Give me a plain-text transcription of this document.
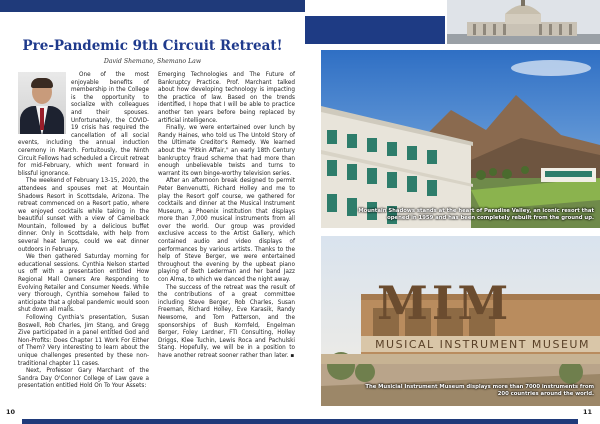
Pre-Pandemic 9th Circuit Retreat!
David Shemano, Shemano Law

One of the most enjoyable benefits of membership in the College is the opportunity to socialize with colleagues and their spouses. Unfortunately, the COVID-19 crisis has required the cancellation of all social events, including the annual induction ceremony in March. Fortuitously, the Ninth Circuit Fellows had scheduled a Circuit retreat for mid-February, which went forward in blissful ignorance.

The weekend of February 13-15, 2020, the attendees and spouses met at Mountain Shadows Resort in Scottsdale, Arizona. The retreat commenced on a Resort patio, where we enjoyed cocktails while taking in the beautiful sunset with a view of Camelback Mountain, followed by a delicious buffet dinner. Only in Scottsdale, with help from several heat lamps, could we eat dinner outdoors in February.

We then gathered Saturday morning for educational sessions. Cynthia Nelson started us off with a presentation entitled How Regional Mall Owners Are Responding to Evolving Retailer and Consumer Needs. While very thorough, Cynthia somehow failed to anticipate that a global pandemic would soon shut down all malls.

Following Cynthia's presentation, Susan Boswell, Rob Charles, Jim Stang, and Gregg Zive participated in a panel entitled God and Non-Profits: Does Chapter 11 Work For Either of Them? Very interesting to learn about the unique challenges presented by these non-traditional chapter 11 cases.

Next, Professor Gary Marchant of the Sandra Day O'Connor College of Law gave a presentation entitled Hold On To Your Assets:

Emerging Technologies and The Future of Bankruptcy Practice. Prof. Marchant talked about how developing technology is impacting the practice of law. Based on the trends identified, I hope that I will be able to practice another ten years before being replaced by artificial intelligence.

Finally, we were entertained over lunch by Randy Haines, who told us The Untold Story of the Ultimate Creditor's Remedy. We learned about the "Pitkin Affair," an early 18th Century bankruptcy fraud scheme that had more than enough unbelievable twists and turns to warrant its own binge-worthy television series.

After an afternoon break designed to permit Peter Benvenutti, Richard Holley and me to play the Resort golf course, we gathered for cocktails and dinner at the Musical Instrument Museum, a Phoenix institution that displays more than 7,000 musical instruments from all over the world. Our group was provided exclusive access to the Artist Gallery, which contained audio and video displays of performances by various artists. Thanks to the help of Steve Berger, we were entertained throughout the evening by the upbeat piano playing of Beth Lederman and her band Jazz con Alma, to which we danced the night away.

The success of the retreat was the result of the contributions of a great committee including Steve Berger, Rob Charles, Susan Freeman, Richard Holley, Eve Karasik, Randy Newsome, and Tom Patterson, and the sponsorships of Bush Kornfeld, Engelman Berger, Foley Lardner, FTI Consulting, Holley Driggs, Klee Tuchin, Lewis Roca and Pachulski Stang. Hopefully, we will be in a position to have another retreat sooner rather than later. ▪

10
Mountain Shadows stands at the heart of Paradise Valley, an iconic resort that opened in 1959 and has been completely rebuilt from the ground up.
MIM
MUSICAL INSTRUMENT MUSEUM
The Musicial Instrument Museum displays more than 7000 instruments from 200 countries around the world.
11
